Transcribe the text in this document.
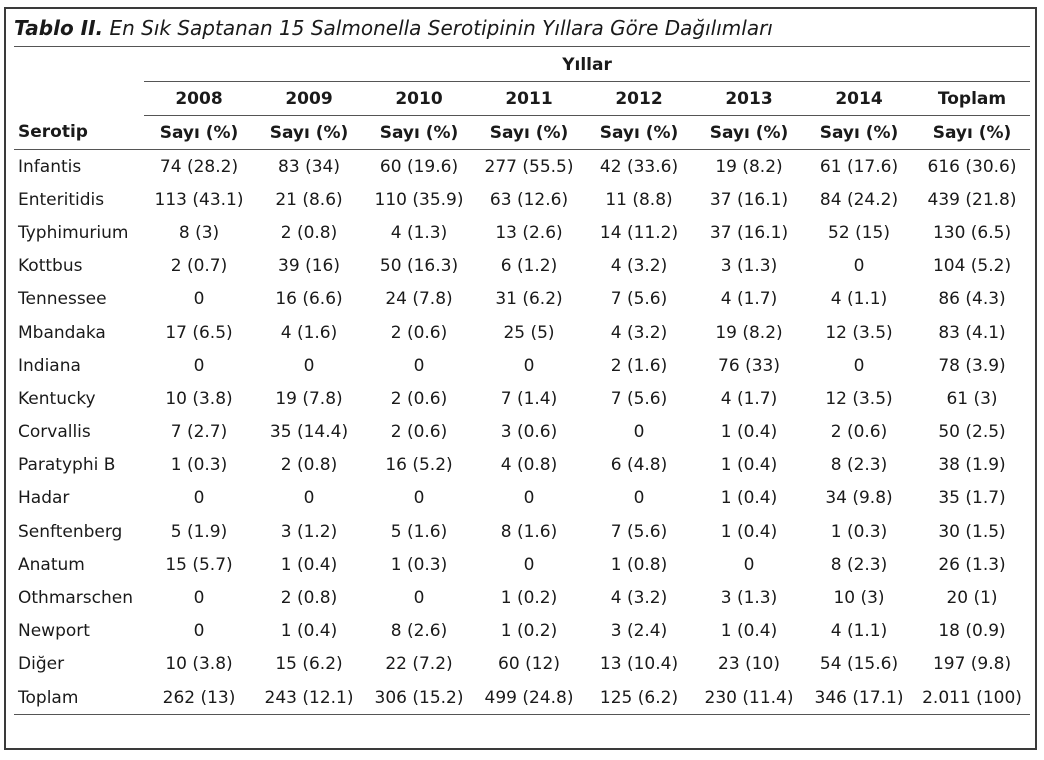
Tablo II. En Sık Saptanan 15 Salmonella Serotipinin Yıllara Göre Dağılımları
	Yıllar							
	2008	2009	2010	2011	2012	2013	2014	Toplam
Serotip	Sayı (%)	Sayı (%)	Sayı (%)	Sayı (%)	Sayı (%)	Sayı (%)	Sayı (%)	Sayı (%)
Infantis	74 (28.2)	83 (34)	60 (19.6)	277 (55.5)	42 (33.6)	19 (8.2)	61 (17.6)	616 (30.6)
Enteritidis	113 (43.1)	21 (8.6)	110 (35.9)	63 (12.6)	11 (8.8)	37 (16.1)	84 (24.2)	439 (21.8)
Typhimurium	8 (3)	2 (0.8)	4 (1.3)	13 (2.6)	14 (11.2)	37 (16.1)	52 (15)	130 (6.5)
Kottbus	2 (0.7)	39 (16)	50 (16.3)	6 (1.2)	4 (3.2)	3 (1.3)	0	104 (5.2)
Tennessee	0	16 (6.6)	24 (7.8)	31 (6.2)	7 (5.6)	4 (1.7)	4 (1.1)	86 (4.3)
Mbandaka	17 (6.5)	4 (1.6)	2 (0.6)	25 (5)	4 (3.2)	19 (8.2)	12 (3.5)	83 (4.1)
Indiana	0	0	0	0	2 (1.6)	76 (33)	0	78 (3.9)
Kentucky	10 (3.8)	19 (7.8)	2 (0.6)	7 (1.4)	7 (5.6)	4 (1.7)	12 (3.5)	61 (3)
Corvallis	7 (2.7)	35 (14.4)	2 (0.6)	3 (0.6)	0	1 (0.4)	2 (0.6)	50 (2.5)
Paratyphi B	1 (0.3)	2 (0.8)	16 (5.2)	4 (0.8)	6 (4.8)	1 (0.4)	8 (2.3)	38 (1.9)
Hadar	0	0	0	0	0	1 (0.4)	34 (9.8)	35 (1.7)
Senftenberg	5 (1.9)	3 (1.2)	5 (1.6)	8 (1.6)	7 (5.6)	1 (0.4)	1 (0.3)	30 (1.5)
Anatum	15 (5.7)	1 (0.4)	1 (0.3)	0	1 (0.8)	0	8 (2.3)	26 (1.3)
Othmarschen	0	2 (0.8)	0	1 (0.2)	4 (3.2)	3 (1.3)	10 (3)	20 (1)
Newport	0	1 (0.4)	8 (2.6)	1 (0.2)	3 (2.4)	1 (0.4)	4 (1.1)	18 (0.9)
Diğer	10 (3.8)	15 (6.2)	22 (7.2)	60 (12)	13 (10.4)	23 (10)	54 (15.6)	197 (9.8)
Toplam	262 (13)	243 (12.1)	306 (15.2)	499 (24.8)	125 (6.2)	230 (11.4)	346 (17.1)	2.011 (100)
